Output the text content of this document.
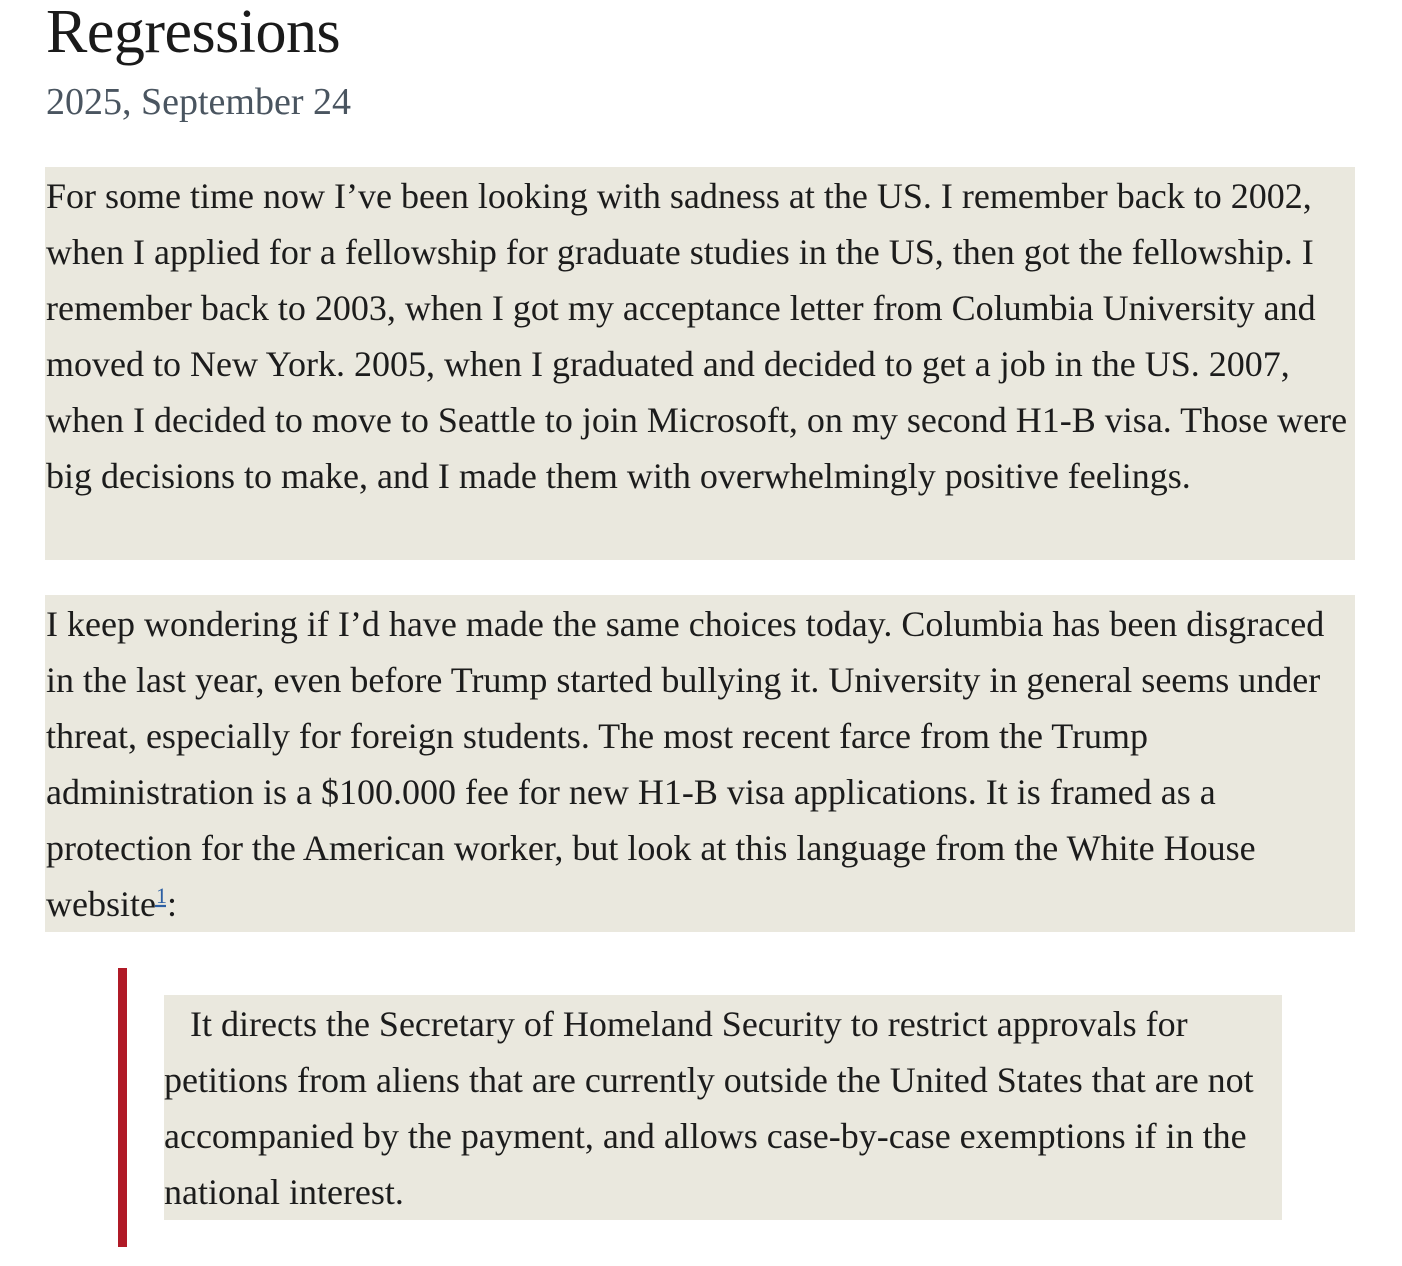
Regressions
2025, September 24

For some time now I’ve been looking with sadness at the US. I remember back to 2002, when I applied for a fellowship for graduate studies in the US, then got the fellowship. I remember back to 2003, when I got my acceptance letter from Columbia University and moved to New York. 2005, when I graduated and decided to get a job in the US. 2007, when I decided to move to Seattle to join Microsoft, on my second H1-B visa. Those were big decisions to make, and I made them with overwhelmingly positive feelings.

I keep wondering if I’d have made the same choices today. Columbia has been disgraced in the last year, even before Trump started bullying it. University in general seems under threat, especially for foreign students. The most recent farce from the Trump administration is a $100.000 fee for new H1-B visa applications. It is framed as a protection for the American worker, but look at this language from the White House website$^1$:

It directs the Secretary of Homeland Security to restrict approvals for petitions from aliens that are currently outside the United States that are not accompanied by the payment, and allows case-by-case exemptions if in the national interest.
